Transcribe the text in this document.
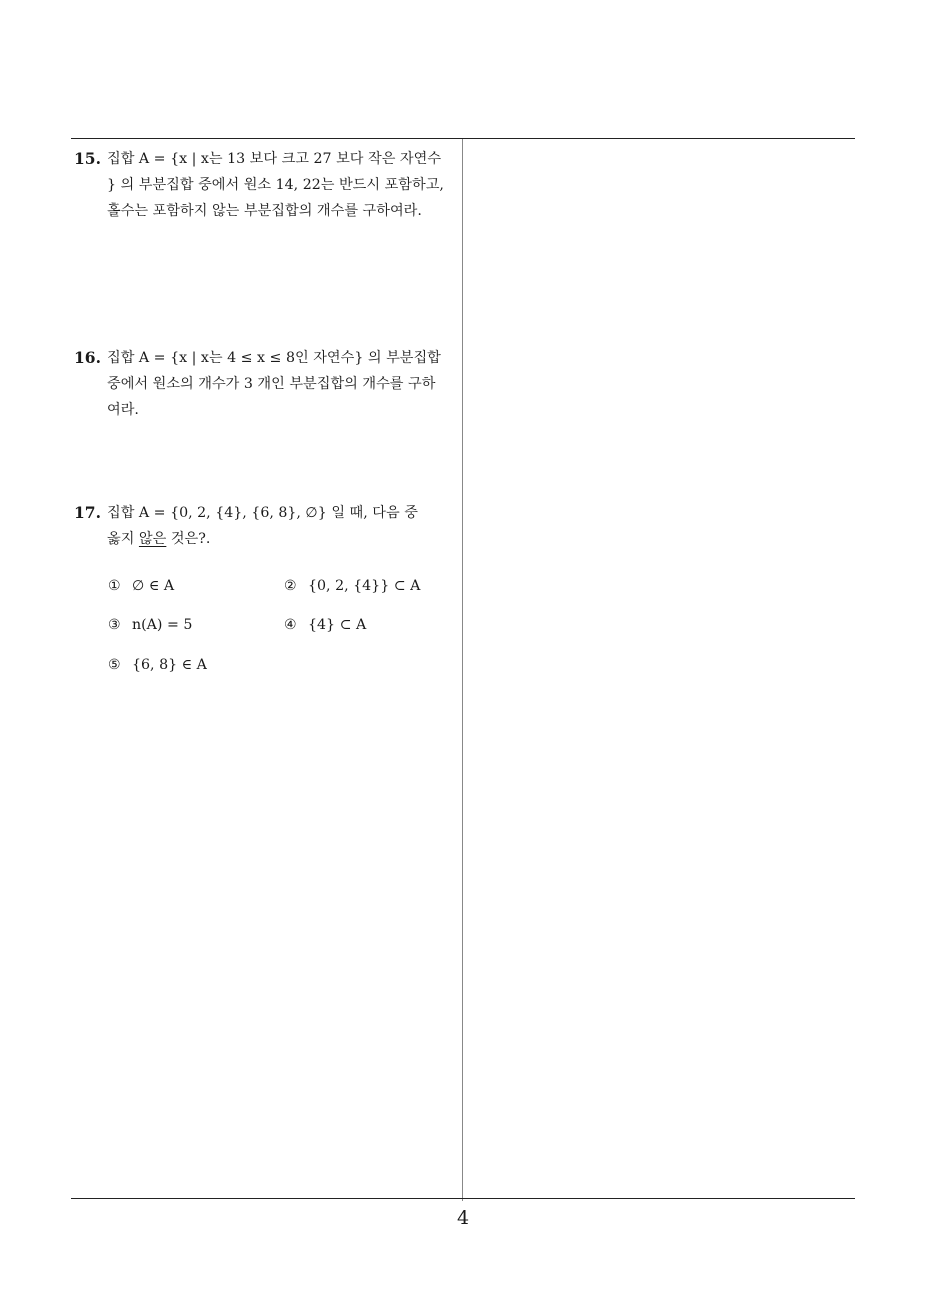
15. 집합 A = {x | x는 13 보다 크고 27 보다 작은 자연수
} 의 부분집합 중에서 원소 14, 22는 반드시 포함하고,
홀수는 포함하지 않는 부분집합의 개수를 구하여라.
16. 집합 A = {x | x는 4 ≤ x ≤ 8인 자연수} 의 부분집합
중에서 원소의 개수가 3 개인 부분집합의 개수를 구하
여라.
17. 집합 A = {0, 2, {4}, {6, 8}, ∅} 일 때, 다음 중
옳지 않은 것은?.
① ∅ ∈ A	② {0, 2, {4}} ⊂ A
③ n(A) = 5	④ {4} ⊂ A
⑤ {6, 8} ∈ A
4
